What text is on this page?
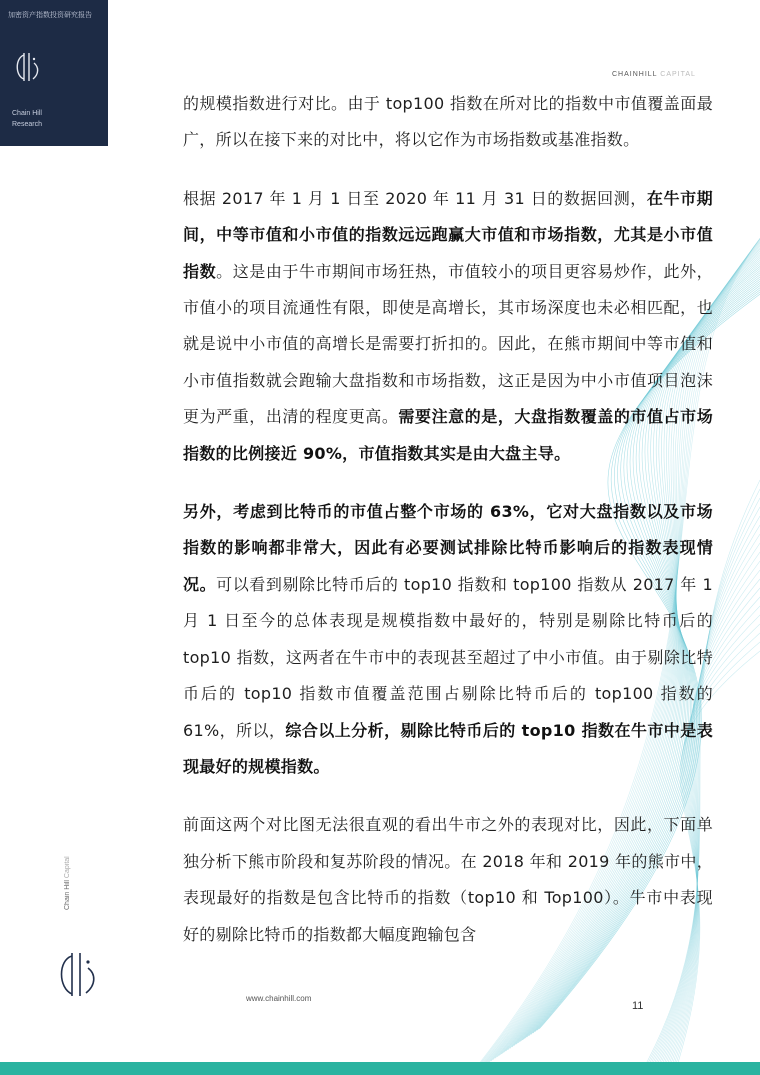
加密资产指数投资研究报告
Chain Hill
Research
CHAINHILL CAPITAL

的规模指数进行对比。由于 top100 指数在所对比的指数中市值覆盖面最广，所以在接下来的对比中，将以它作为市场指数或基准指数。

根据 2017 年 1 月 1 日至 2020 年 11 月 31 日的数据回测，在牛市期间，中等市值和小市值的指数远远跑赢大市值和市场指数，尤其是小市值指数。这是由于牛市期间市场狂热，市值较小的项目更容易炒作，此外，市值小的项目流通性有限，即使是高增长，其市场深度也未必相匹配，也就是说中小市值的高增长是需要打折扣的。因此，在熊市期间中等市值和小市值指数就会跑输大盘指数和市场指数，这正是因为中小市值项目泡沫更为严重，出清的程度更高。需要注意的是，大盘指数覆盖的市值占市场指数的比例接近 90%，市值指数其实是由大盘主导。

另外，考虑到比特币的市值占整个市场的 63%，它对大盘指数以及市场指数的影响都非常大，因此有必要测试排除比特币影响后的指数表现情况。可以看到剔除比特币后的 top10 指数和 top100 指数从 2017 年 1 月 1 日至今的总体表现是规模指数中最好的，特别是剔除比特币后的 top10 指数，这两者在牛市中的表现甚至超过了中小市值。由于剔除比特币后的 top10 指数市值覆盖范围占剔除比特币后的 top100 指数的 61%，所以，综合以上分析，剔除比特币后的 top10 指数在牛市中是表现最好的规模指数。

前面这两个对比图无法很直观的看出牛市之外的表现对比，因此，下面单独分析下熊市阶段和复苏阶段的情况。在 2018 年和 2019 年的熊市中，表现最好的指数是包含比特币的指数（top10 和 Top100）。牛市中表现好的剔除比特币的指数都大幅度跑输包含

Chain Hill Capital
www.chainhill.com
11
